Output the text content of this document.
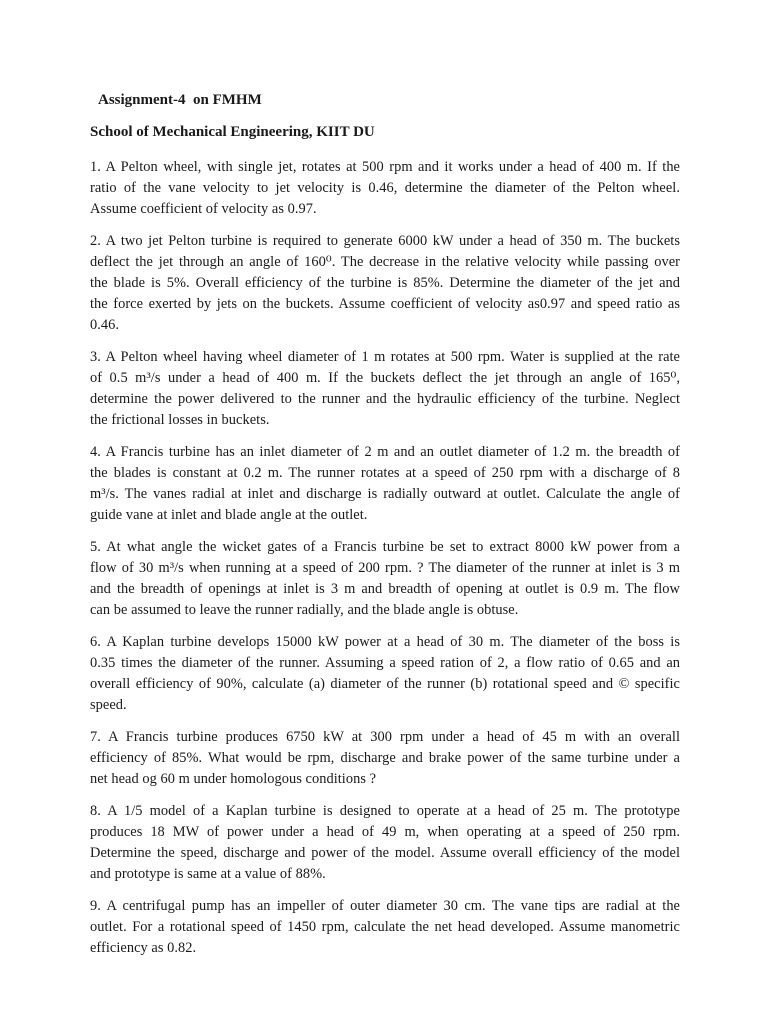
Assignment-4  on FMHM
School of Mechanical Engineering, KIIT DU
1. A Pelton wheel, with single jet, rotates at 500 rpm and it works under a head of 400 m. If the
ratio of the vane velocity to jet velocity is 0.46, determine the diameter of the Pelton wheel.
Assume coefficient of velocity as 0.97.
2. A two jet Pelton turbine is required to generate 6000 kW under a head of 350 m. The buckets
deflect the jet through an angle of 160⁰. The decrease in the relative velocity while passing over
the blade is 5%. Overall efficiency of the turbine is 85%. Determine the diameter of the jet and
the force exerted by jets on the buckets. Assume coefficient of velocity as0.97 and speed ratio as
0.46.
3. A Pelton wheel having wheel diameter of 1 m rotates at 500 rpm. Water is supplied at the rate
of 0.5 m³/s under a head of 400 m. If the buckets deflect the jet through an angle of 165⁰,
determine the power delivered to the runner and the hydraulic efficiency of the turbine. Neglect
the frictional losses in buckets.
4. A Francis turbine has an inlet diameter of 2 m and an outlet diameter of 1.2 m. the breadth of
the blades is constant at 0.2 m. The runner rotates at a speed of 250 rpm with a discharge of 8
m³/s. The vanes radial at inlet and discharge is radially outward at outlet. Calculate the angle of
guide vane at inlet and blade angle at the outlet.
5. At what angle the wicket gates of a Francis turbine be set to extract 8000 kW power from a
flow of 30 m³/s when running at a speed of 200 rpm. ? The diameter of the runner at inlet is 3 m
and the breadth of openings at inlet is 3 m and breadth of opening at outlet is 0.9 m. The flow
can be assumed to leave the runner radially, and the blade angle is obtuse.
6. A Kaplan turbine develops 15000 kW power at a head of 30 m. The diameter of the boss is
0.35 times the diameter of the runner. Assuming a speed ration of 2, a flow ratio of 0.65 and an
overall efficiency of 90%, calculate (a) diameter of the runner (b) rotational speed and © specific
speed.
7. A Francis turbine produces 6750 kW at 300 rpm under a head of 45 m with an overall
efficiency of 85%. What would be rpm, discharge and brake power of the same turbine under a
net head og 60 m under homologous conditions ?
8. A 1/5 model of a Kaplan turbine is designed to operate at a head of 25 m. The prototype
produces 18 MW of power under a head of 49 m, when operating at a speed of 250 rpm.
Determine the speed, discharge and power of the model. Assume overall efficiency of the model
and prototype is same at a value of 88%.
9. A centrifugal pump has an impeller of outer diameter 30 cm. The vane tips are radial at the
outlet. For a rotational speed of 1450 rpm, calculate the net head developed. Assume manometric
efficiency as 0.82.
